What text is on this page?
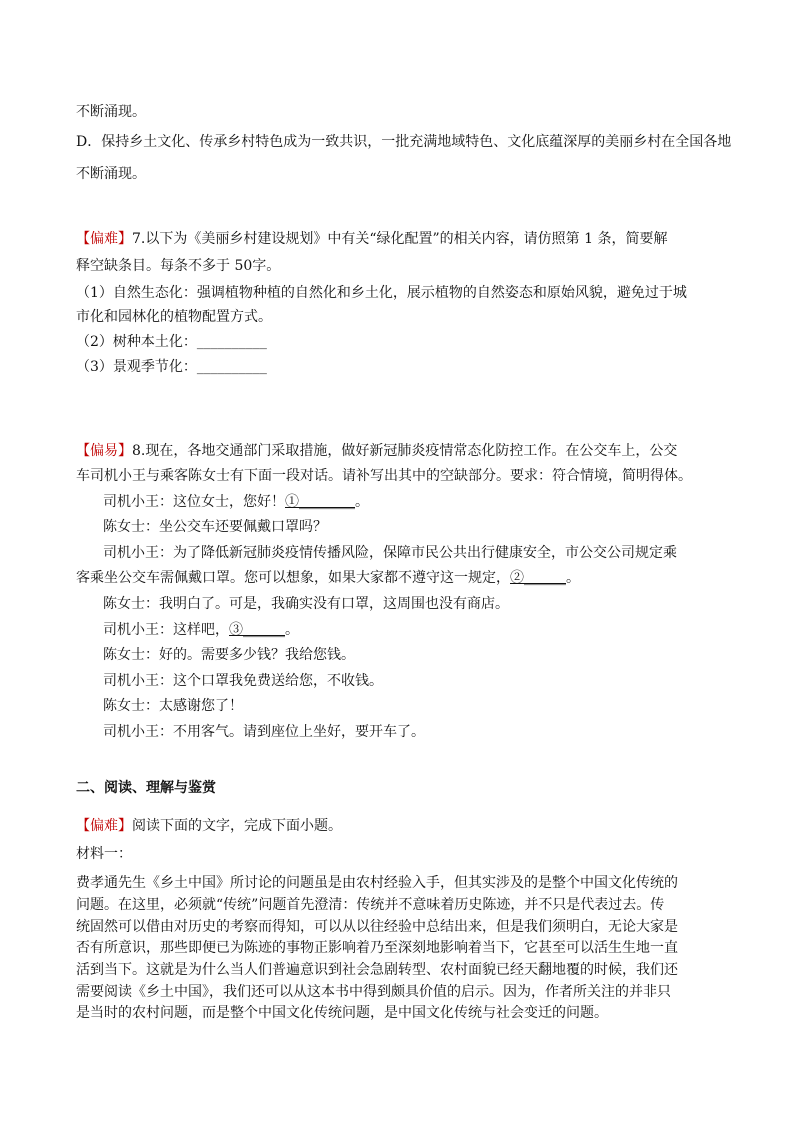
不断涌现。
D．保持乡土文化、传承乡村特色成为一致共识，一批充满地域特色、文化底蕴深厚的美丽乡村在全国各地
不断涌现。
【偏难】7.以下为《美丽乡村建设规划》中有关“绿化配置”的相关内容，请仿照第 1 条，简要解
释空缺条目。每条不多于 50字。
（1）自然生态化：强调植物种植的自然化和乡土化，展示植物的自然姿态和原始风貌，避免过于城
市化和园林化的植物配置方式。
（2）树种本土化：__________
（3）景观季节化：__________
【偏易】8.现在，各地交通部门采取措施，做好新冠肺炎疫情常态化防控工作。在公交车上，公交
车司机小王与乘客陈女士有下面一段对话。请补写出其中的空缺部分。要求：符合情境，简明得体。
司机小王：这位女士，您好！①________。
陈女士：坐公交车还要佩戴口罩吗？
司机小王：为了降低新冠肺炎疫情传播风险，保障市民公共出行健康安全，市公交公司规定乘
客乘坐公交车需佩戴口罩。您可以想象，如果大家都不遵守这一规定，②______。
陈女士：我明白了。可是，我确实没有口罩，这周围也没有商店。
司机小王：这样吧，③______。
陈女士：好的。需要多少钱？我给您钱。
司机小王：这个口罩我免费送给您，不收钱。
陈女士：太感谢您了！
司机小王：不用客气。请到座位上坐好，要开车了。
二、阅读、理解与鉴赏
【偏难】阅读下面的文字，完成下面小题。
材料一：
费孝通先生《乡土中国》所讨论的问题虽是由农村经验入手，但其实涉及的是整个中国文化传统的
问题。在这里，必须就“传统”问题首先澄清：传统并不意味着历史陈迹，并不只是代表过去。传
统固然可以借由对历史的考察而得知，可以从以往经验中总结出来，但是我们须明白，无论大家是
否有所意识，那些即便已为陈迹的事物正影响着乃至深刻地影响着当下，它甚至可以活生生地一直
活到当下。这就是为什么当人们普遍意识到社会急剧转型、农村面貌已经天翻地覆的时候，我们还
需要阅读《乡土中国》，我们还可以从这本书中得到颇具价值的启示。因为，作者所关注的并非只
是当时的农村问题，而是整个中国文化传统问题，是中国文化传统与社会变迁的问题。
